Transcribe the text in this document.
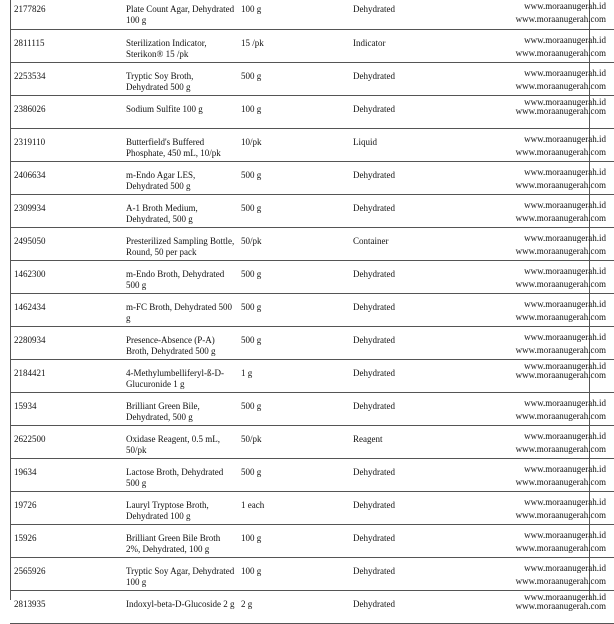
2177826	Plate Count Agar, Dehydrated 100 g	100 g	Dehydrated	www.moraanugerah.id
www.moraanugerah.com

2811115	Sterilization Indicator, Sterikon® 15 /pk	15 /pk	Indicator	www.moraanugerah.id
www.moraanugerah.com

2253534	Tryptic Soy Broth, Dehydrated 500 g	500 g	Dehydrated	www.moraanugerah.id
www.moraanugerah.com

2386026	Sodium Sulfite 100 g	100 g	Dehydrated	www.moraanugerah.id
www.moraanugerah.com

2319110	Butterfield's Buffered Phosphate, 450 mL, 10/pk	10/pk	Liquid	www.moraanugerah.id
www.moraanugerah.com

2406634	m-Endo Agar LES, Dehydrated 500 g	500 g	Dehydrated	www.moraanugerah.id
www.moraanugerah.com

2309934	A-1 Broth Medium, Dehydrated, 500 g	500 g	Dehydrated	www.moraanugerah.id
www.moraanugerah.com

2495050	Presterilized Sampling Bottle, Round, 50 per pack	50/pk	Container	www.moraanugerah.id
www.moraanugerah.com

1462300	m-Endo Broth, Dehydrated 500 g	500 g	Dehydrated	www.moraanugerah.id
www.moraanugerah.com

1462434	m-FC Broth, Dehydrated 500 g	500 g	Dehydrated	www.moraanugerah.id
www.moraanugerah.com

2280934	Presence-Absence (P-A) Broth, Dehydrated 500 g	500 g	Dehydrated	www.moraanugerah.id
www.moraanugerah.com

2184421	4-Methylumbelliferyl-ß-D-Glucuronide 1 g	1 g	Dehydrated	www.moraanugerah.id
www.moraanugerah.com

15934	Brilliant Green Bile, Dehydrated, 500 g	500 g	Dehydrated	www.moraanugerah.id
www.moraanugerah.com

2622500	Oxidase Reagent, 0.5 mL, 50/pk	50/pk	Reagent	www.moraanugerah.id
www.moraanugerah.com

19634	Lactose Broth, Dehydrated 500 g	500 g	Dehydrated	www.moraanugerah.id
www.moraanugerah.com

19726	Lauryl Tryptose Broth, Dehydrated 100 g	1 each	Dehydrated	www.moraanugerah.id
www.moraanugerah.com

15926	Brilliant Green Bile Broth 2%, Dehydrated, 100 g	100 g	Dehydrated	www.moraanugerah.id
www.moraanugerah.com

2565926	Tryptic Soy Agar, Dehydrated 100 g	100 g	Dehydrated	www.moraanugerah.id
www.moraanugerah.com

2813935	Indoxyl-beta-D-Glucoside 2 g	2 g	Dehydrated	www.moraanugerah.id
www.moraanugerah.com
